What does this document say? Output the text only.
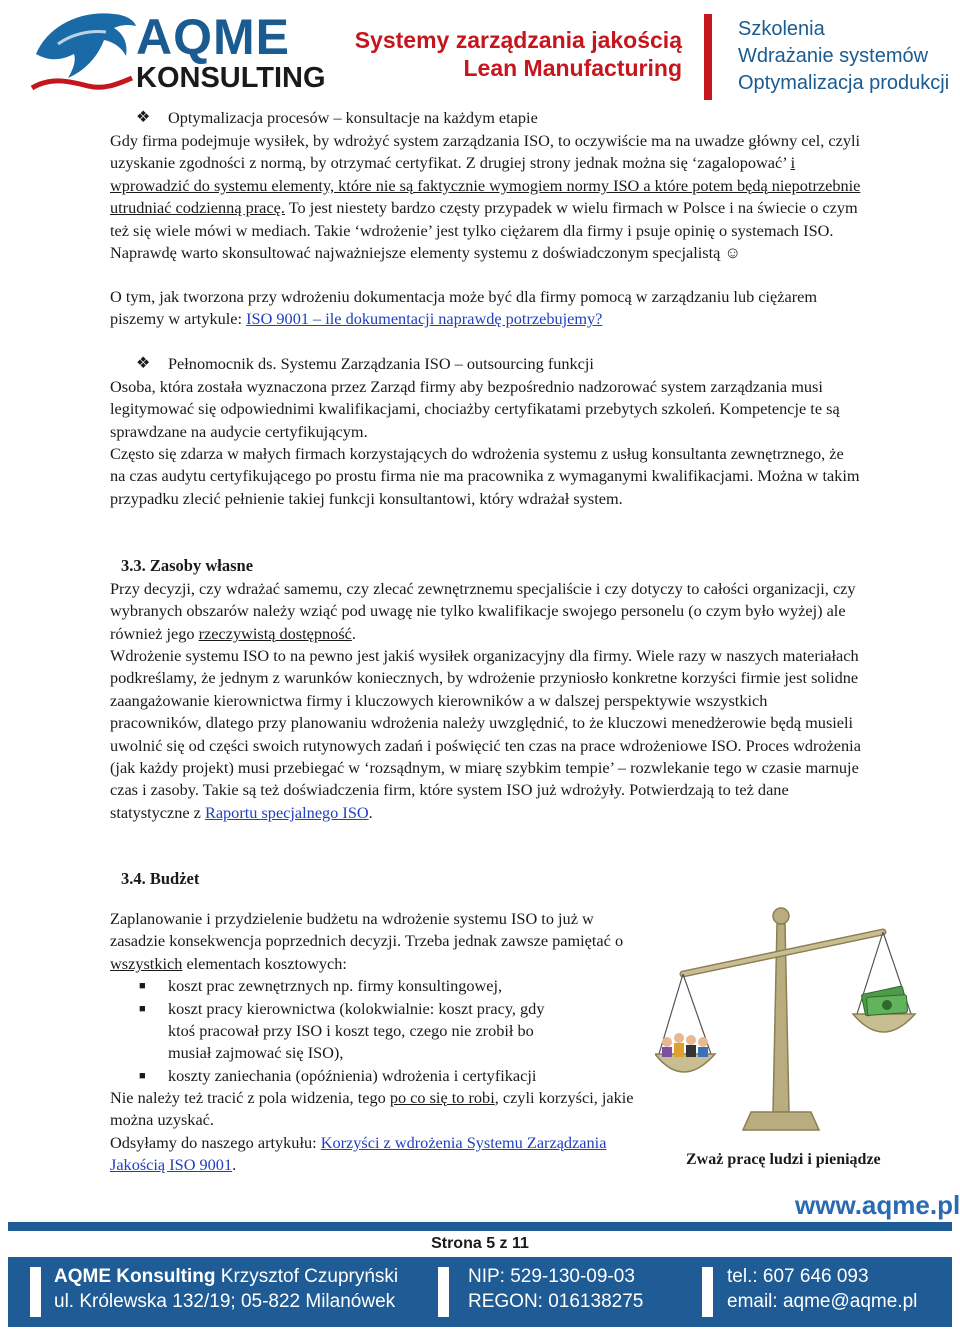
AQME
KONSULTING
Systemy zarządzania jakością
Lean Manufacturing
Szkolenia
Wdrażanie systemów
Optymalizacja produkcji
❖ Optymalizacja procesów – konsultacje na każdym etapie

Gdy firma podejmuje wysiłek, by wdrożyć system zarządzania ISO, to oczywiście ma na uwadze główny cel, czyli uzyskanie zgodności z normą, by otrzymać certyfikat. Z drugiej strony jednak można się ‘zagalopować’ i wprowadzić do systemu elementy, które nie są faktycznie wymogiem normy ISO a które potem będą niepotrzebnie utrudniać codzienną pracę. To jest niestety bardzo częsty przypadek w wielu firmach w Polsce i na świecie o czym też się wiele mówi w mediach. Takie ‘wdrożenie’ jest tylko ciężarem dla firmy i psuje opinię o systemach ISO. Naprawdę warto skonsultować najważniejsze elementy systemu z doświadczonym specjalistą ☺

O tym, jak tworzona przy wdrożeniu dokumentacja może być dla firmy pomocą w zarządzaniu lub ciężarem piszemy w artykule: ISO 9001 – ile dokumentacji naprawdę potrzebujemy?

❖ Pełnomocnik ds. Systemu Zarządzania ISO – outsourcing funkcji

Osoba, która została wyznaczona przez Zarząd firmy aby bezpośrednio nadzorować system zarządzania musi legitymować się odpowiednimi kwalifikacjami, chociażby certyfikatami przebytych szkoleń. Kompetencje te są sprawdzane na audycie certyfikującym.

Często się zdarza w małych firmach korzystających do wdrożenia systemu z usług konsultanta zewnętrznego, że na czas audytu certyfikującego po prostu firma nie ma pracownika z wymaganymi kwalifikacjami. Można w takim przypadku zlecić pełnienie takiej funkcji konsultantowi, który wdrażał system.

3.3. Zasoby własne

Przy decyzji, czy wdrażać samemu, czy zlecać zewnętrznemu specjaliście i czy dotyczy to całości organizacji, czy wybranych obszarów należy wziąć pod uwagę nie tylko kwalifikacje swojego personelu (o czym było wyżej) ale również jego rzeczywistą dostępność.

Wdrożenie systemu ISO to na pewno jest jakiś wysiłek organizacyjny dla firmy. Wiele razy w naszych materiałach podkreślamy, że jednym z warunków koniecznych, by wdrożenie przyniosło konkretne korzyści firmie jest solidne zaangażowanie kierownictwa firmy i kluczowych kierowników a w dalszej perspektywie wszystkich pracowników, dlatego przy planowaniu wdrożenia należy uwzględnić, to że kluczowi menedżerowie będą musieli uwolnić się od części swoich rutynowych zadań i poświęcić ten czas na prace wdrożeniowe ISO. Proces wdrożenia (jak każdy projekt) musi przebiegać w ‘rozsądnym, w miarę szybkim tempie’ – rozwlekanie tego w czasie marnuje czas i zasoby. Takie są też doświadczenia firm, które system ISO już wdrożyły. Potwierdzają to też dane statystyczne z Raportu specjalnego ISO.

3.4. Budżet

Zaplanowanie i przydzielenie budżetu na wdrożenie systemu ISO to już w zasadzie konsekwencja poprzednich decyzji. Trzeba jednak zawsze pamiętać o wszystkich elementach kosztowych:

■ koszt prac zewnętrznych np. firmy konsultingowej,
■ koszt pracy kierownictwa (kolokwialnie: koszt pracy, gdy
ktoś pracował przy ISO i koszt tego, czego nie zrobił bo
musiał zajmować się ISO),
■ koszty zaniechania (opóźnienia) wdrożenia i certyfikacji

Nie należy też tracić z pola widzenia, tego po co się to robi, czyli korzyści, jakie można uzyskać.

Odsyłamy do naszego artykułu: Korzyści z wdrożenia Systemu Zarządzania Jakością ISO 9001.	Zważ pracę ludzi i pieniądze
www.aqme.pl
Strona 5 z 11
AQME Konsulting Krzysztof Czupryński
ul. Królewska 132/19; 05-822 Milanówek
NIP: 529-130-09-03
REGON: 016138275
tel.: 607 646 093
email: aqme@aqme.pl
